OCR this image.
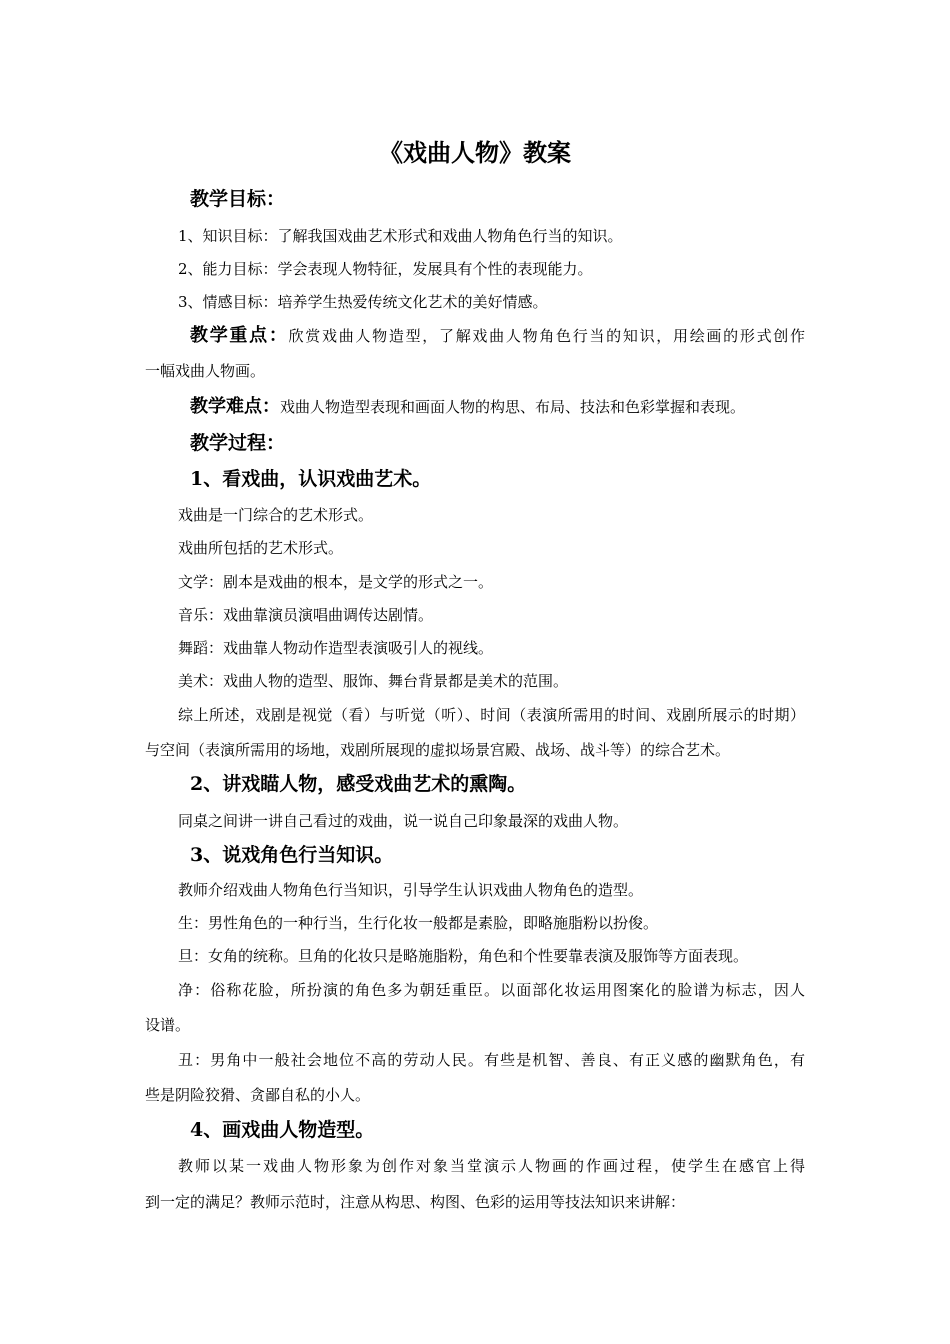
《戏曲人物》教案
教学目标：
1、知识目标：了解我国戏曲艺术形式和戏曲人物角色行当的知识。
2、能力目标：学会表现人物特征，发展具有个性的表现能力。
3、情感目标：培养学生热爱传统文化艺术的美好情感。
教学重点：欣赏戏曲人物造型，了解戏曲人物角色行当的知识，用绘画的形式创作
一幅戏曲人物画。
教学难点：戏曲人物造型表现和画面人物的构思、布局、技法和色彩掌握和表现。
教学过程：
1、看戏曲，认识戏曲艺术。
戏曲是一门综合的艺术形式。
戏曲所包括的艺术形式。
文学：剧本是戏曲的根本，是文学的形式之一。
音乐：戏曲靠演员演唱曲调传达剧情。
舞蹈：戏曲靠人物动作造型表演吸引人的视线。
美术：戏曲人物的造型、服饰、舞台背景都是美术的范围。
综上所述，戏剧是视觉（看）与听觉（听）、时间（表演所需用的时间、戏剧所展示的时期）
与空间（表演所需用的场地，戏剧所展现的虚拟场景宫殿、战场、战斗等）的综合艺术。
2、讲戏瞄人物，感受戏曲艺术的熏陶。
同桌之间讲一讲自己看过的戏曲，说一说自己印象最深的戏曲人物。
3、说戏角色行当知识。
教师介绍戏曲人物角色行当知识，引导学生认识戏曲人物角色的造型。
生：男性角色的一种行当，生行化妆一般都是素脸，即略施脂粉以扮俊。
旦：女角的统称。旦角的化妆只是略施脂粉，角色和个性要靠表演及服饰等方面表现。
净：俗称花脸，所扮演的角色多为朝廷重臣。以面部化妆运用图案化的脸谱为标志，因人
设谱。
丑：男角中一般社会地位不高的劳动人民。有些是机智、善良、有正义感的幽默角色，有
些是阴险狡猾、贪鄙自私的小人。
4、画戏曲人物造型。
教师以某一戏曲人物形象为创作对象当堂演示人物画的作画过程，使学生在感官上得
到一定的满足？教师示范时，注意从构思、构图、色彩的运用等技法知识来讲解：
